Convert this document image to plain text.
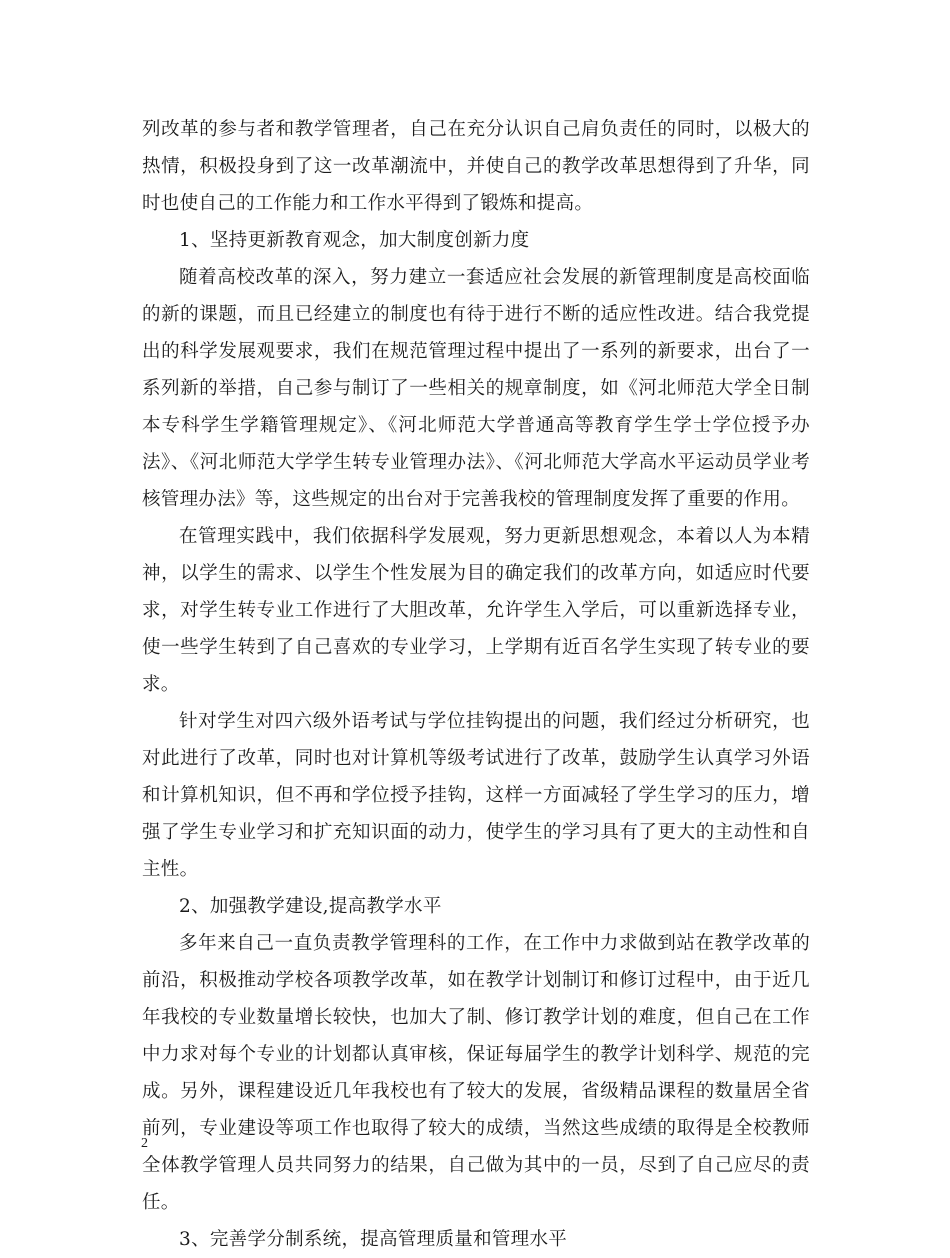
列改革的参与者和教学管理者，自己在充分认识自己肩负责任的同时，以极大的热情，积极投身到了这一改革潮流中，并使自己的教学改革思想得到了升华，同时也使自己的工作能力和工作水平得到了锻炼和提高。

1、坚持更新教育观念，加大制度创新力度

随着高校改革的深入，努力建立一套适应社会发展的新管理制度是高校面临的新的课题，而且已经建立的制度也有待于进行不断的适应性改进。结合我党提出的科学发展观要求，我们在规范管理过程中提出了一系列的新要求，出台了一系列新的举措，自己参与制订了一些相关的规章制度，如《河北师范大学全日制本专科学生学籍管理规定》、《河北师范大学普通高等教育学生学士学位授予办法》、《河北师范大学学生转专业管理办法》、《河北师范大学高水平运动员学业考核管理办法》等，这些规定的出台对于完善我校的管理制度发挥了重要的作用。

在管理实践中，我们依据科学发展观，努力更新思想观念，本着以人为本精神，以学生的需求、以学生个性发展为目的确定我们的改革方向，如适应时代要求，对学生转专业工作进行了大胆改革，允许学生入学后，可以重新选择专业，使一些学生转到了自己喜欢的专业学习，上学期有近百名学生实现了转专业的要求。

针对学生对四六级外语考试与学位挂钩提出的问题，我们经过分析研究，也对此进行了改革，同时也对计算机等级考试进行了改革，鼓励学生认真学习外语和计算机知识，但不再和学位授予挂钩，这样一方面减轻了学生学习的压力，增强了学生专业学习和扩充知识面的动力，使学生的学习具有了更大的主动性和自主性。

2、加强教学建设,提高教学水平

多年来自己一直负责教学管理科的工作，在工作中力求做到站在教学改革的前沿，积极推动学校各项教学改革，如在教学计划制订和修订过程中，由于近几年我校的专业数量增长较快，也加大了制、修订教学计划的难度，但自己在工作中力求对每个专业的计划都认真审核，保证每届学生的教学计划科学、规范的完成。另外，课程建设近几年我校也有了较大的发展，省级精品课程的数量居全省前列，专业建设等项工作也取得了较大的成绩，当然这些成绩的取得是全校教师全体教学管理人员共同努力的结果，自己做为其中的一员，尽到了自己应尽的责任。

3、完善学分制系统，提高管理质量和管理水平

2
